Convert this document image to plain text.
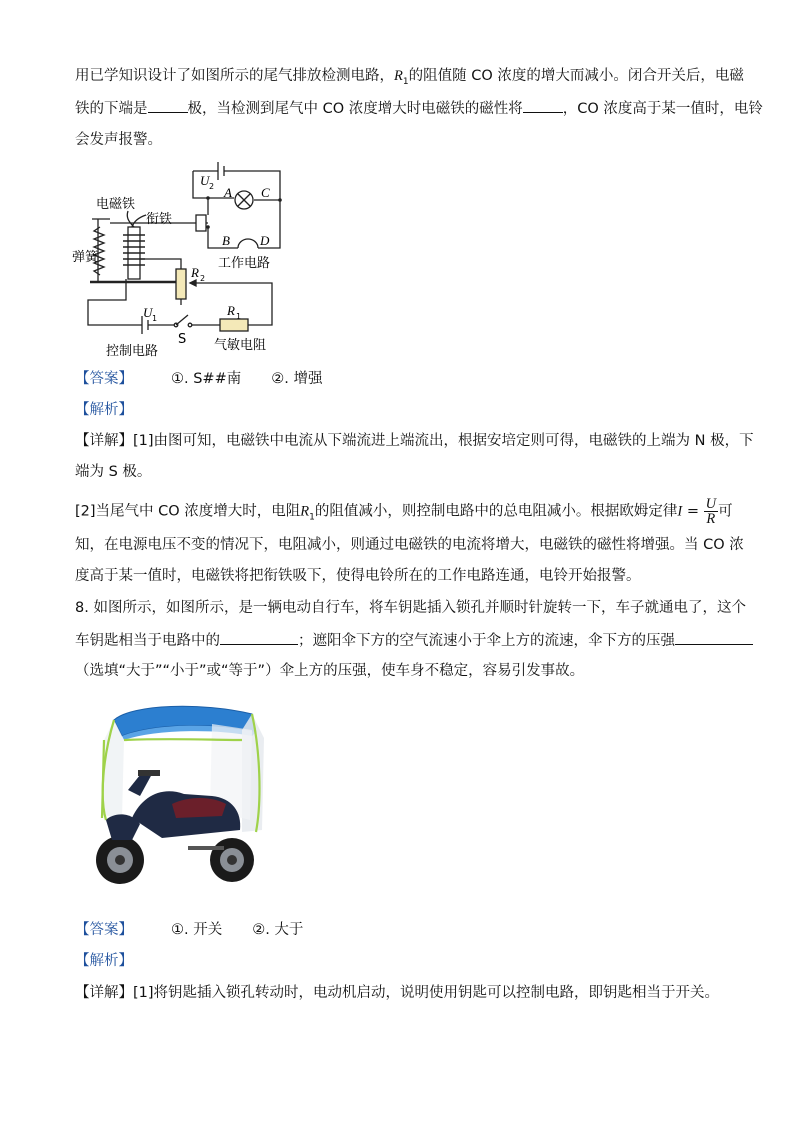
用已学知识设计了如图所示的尾气排放检测电路，$R_1$的阻值随 CO 浓度的增大而减小。闭合开关后，电磁
铁的下端是	极，当检测到尾气中 CO 浓度增大时电磁铁的磁性将	，CO 浓度高于某一值时，电铃
会发声报警。
U 2 A C
B D
电磁铁
衔铁
弹簧	工作电路
R 2
U 1
R 1
S
控制电路	气敏电阻
【答案】	①. S##南 ②. 增强
【解析】
【详解】[1]由图可知，电磁铁中电流从下端流进上端流出，根据安培定则可得，电磁铁的上端为 N 极，下
端为 S 极。
[2]当尾气中 CO 浓度增大时，电阻$R_1$的阻值减小，则控制电路中的总电阻减小。根据欧姆定律$I = \frac{U}{R}$ 可
知，在电源电压不变的情况下，电阻减小，则通过电磁铁的电流将增大，电磁铁的磁性将增强。当 CO 浓
度高于某一值时，电磁铁将把衔铁吸下，使得电铃所在的工作电路连通，电铃开始报警。
8. 如图所示，如图所示，是一辆电动自行车，将车钥匙插入锁孔并顺时针旋转一下，车子就通电了，这个
车钥匙相当于电路中的	；遮阳伞下方的空气流速小于伞上方的流速，伞下方的压强
（选填“大于”“小于”或“等于”）伞上方的压强，使车身不稳定，容易引发事故。
【答案】	①. 开关 ②. 大于
【解析】
【详解】[1]将钥匙插入锁孔转动时，电动机启动，说明使用钥匙可以控制电路，即钥匙相当于开关。
